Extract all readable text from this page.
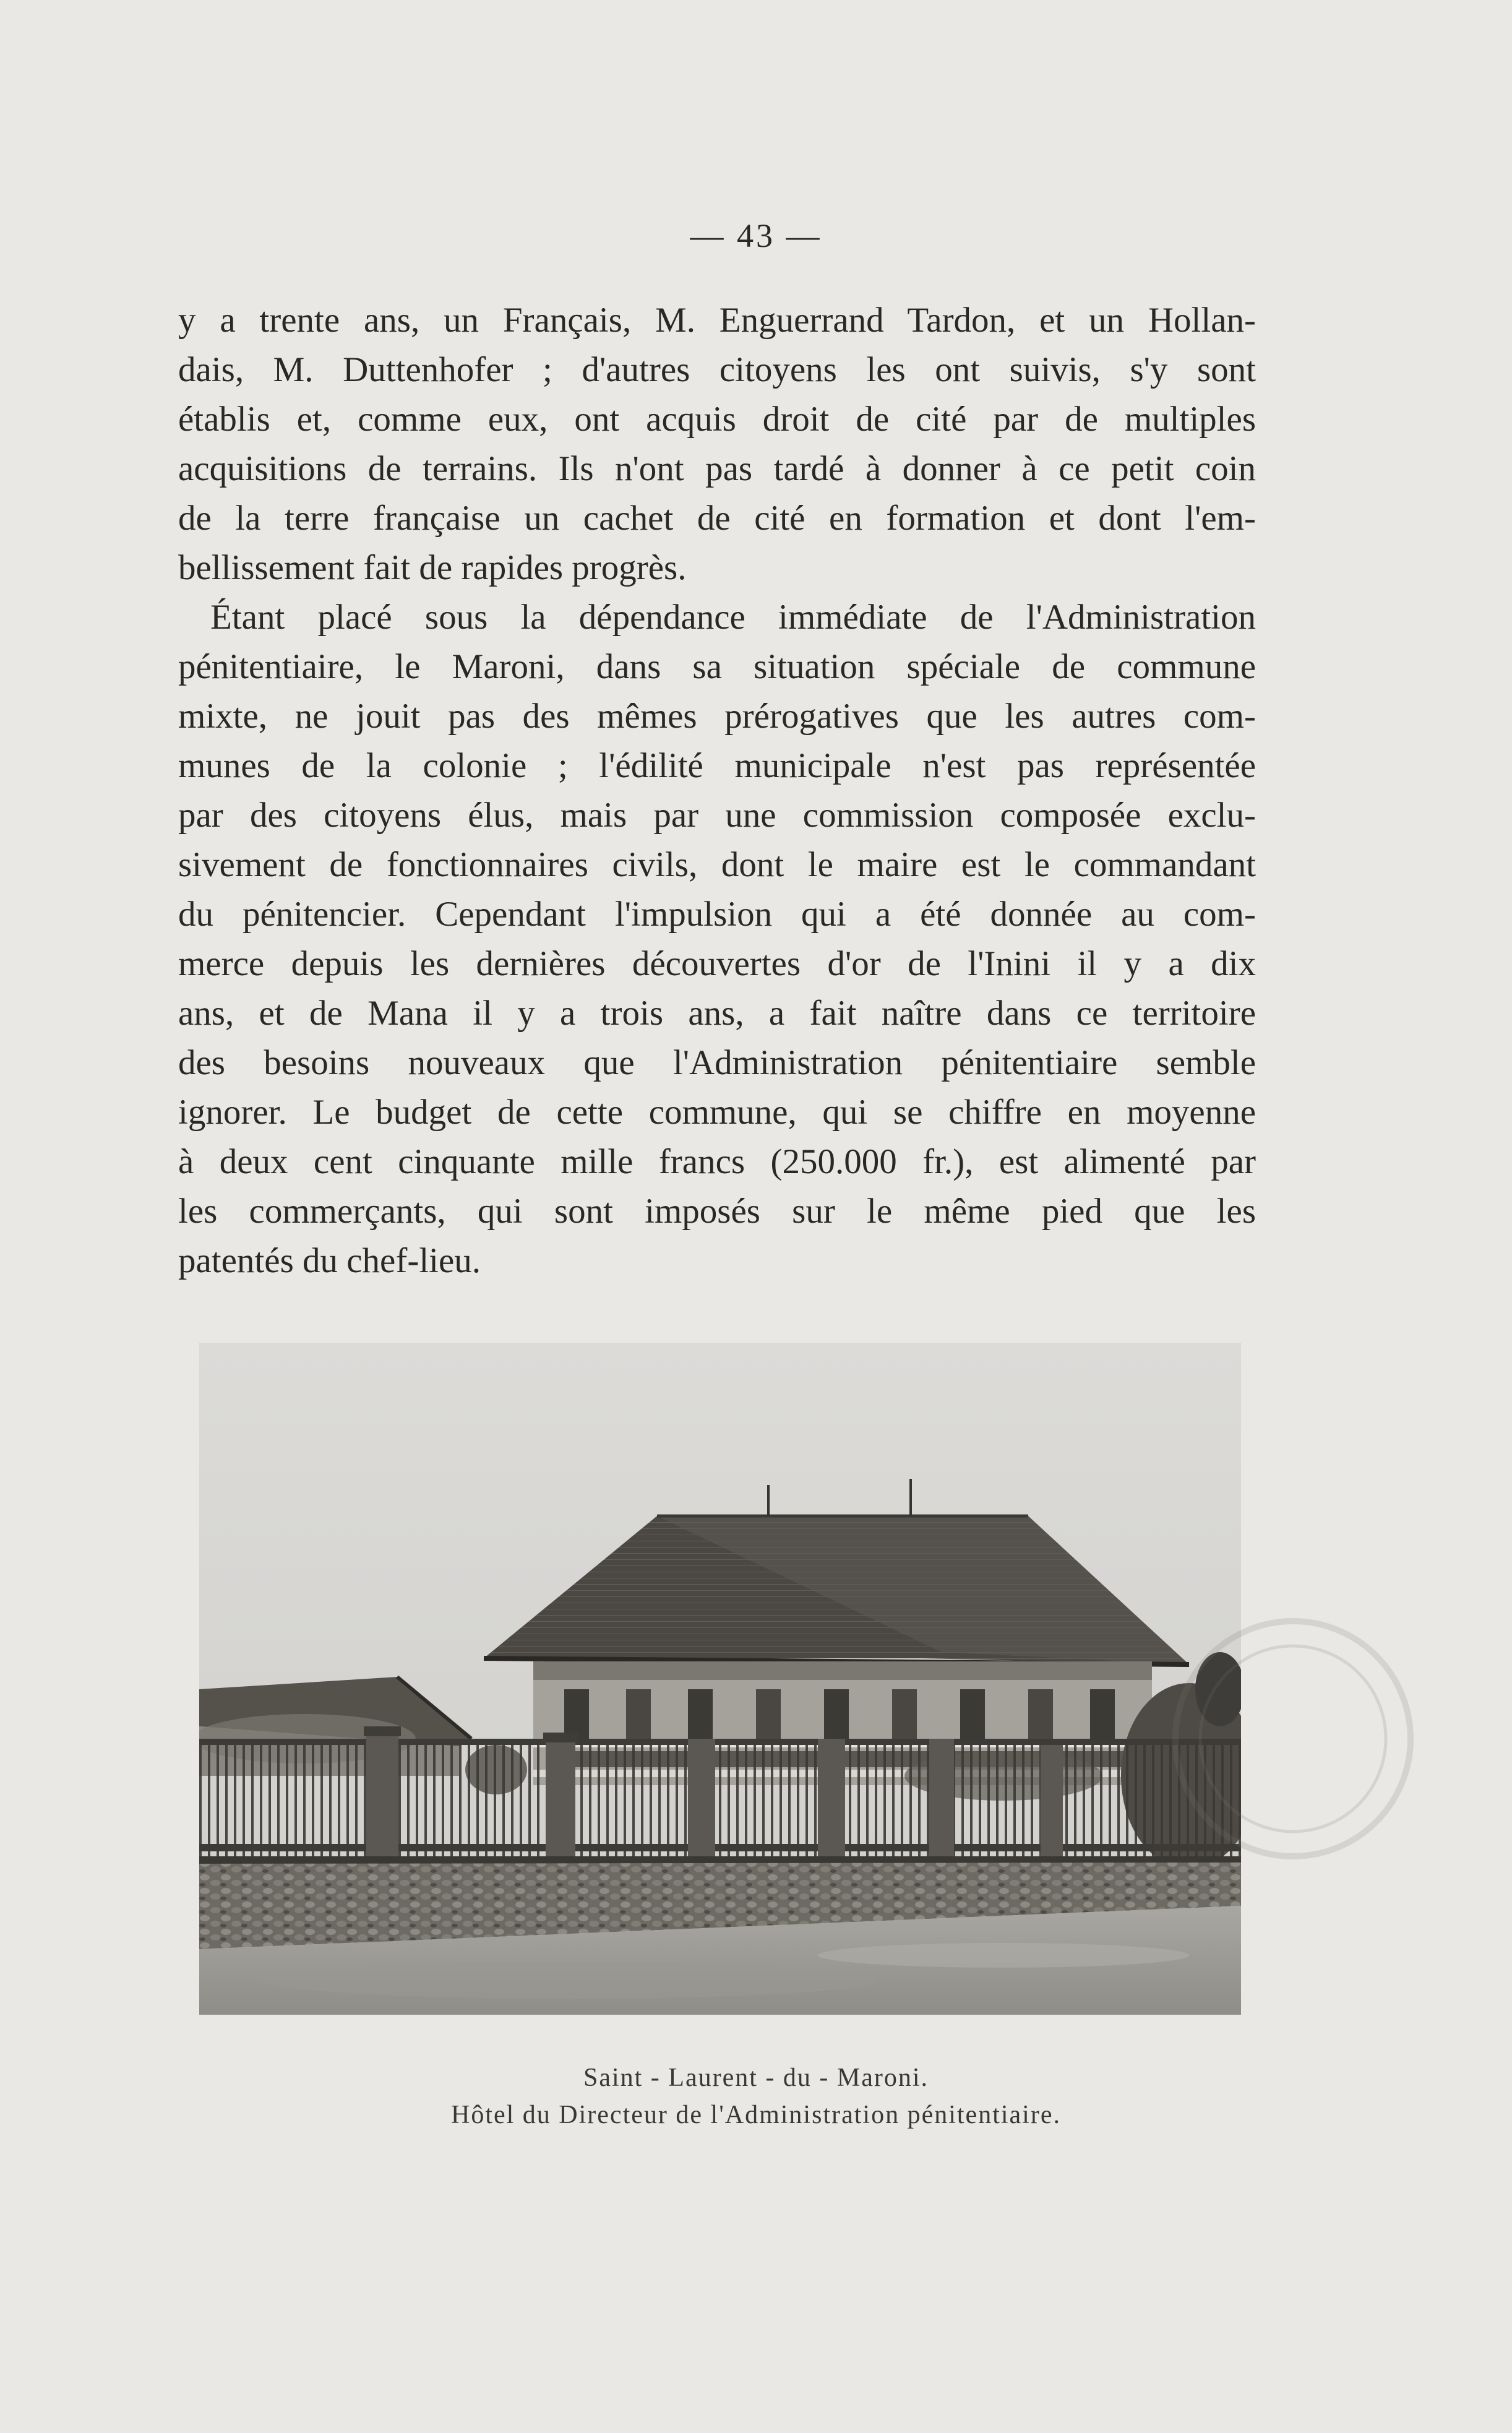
— 43 —
y a trente ans, un Français, M. Enguerrand Tardon, et un Hollan-
dais, M. Duttenhofer ; d'autres citoyens les ont suivis, s'y sont
établis et, comme eux, ont acquis droit de cité par de multiples
acquisitions de terrains. Ils n'ont pas tardé à donner à ce petit coin
de la terre française un cachet de cité en formation et dont l'em-
bellissement fait de rapides progrès.
Étant placé sous la dépendance immédiate de l'Administration
pénitentiaire, le Maroni, dans sa situation spéciale de commune
mixte, ne jouit pas des mêmes prérogatives que les autres com-
munes de la colonie ; l'édilité municipale n'est pas représentée
par des citoyens élus, mais par une commission composée exclu-
sivement de fonctionnaires civils, dont le maire est le commandant
du pénitencier. Cependant l'impulsion qui a été donnée au com-
merce depuis les dernières découvertes d'or de l'Inini il y a dix
ans, et de Mana il y a trois ans, a fait naître dans ce territoire
des besoins nouveaux que l'Administration pénitentiaire semble
ignorer. Le budget de cette commune, qui se chiffre en moyenne
à deux cent cinquante mille francs (250.000 fr.), est alimenté par
les commerçants, qui sont imposés sur le même pied que les
patentés du chef-lieu.
Saint - Laurent - du - Maroni.
Hôtel du Directeur de l'Administration pénitentiaire.
